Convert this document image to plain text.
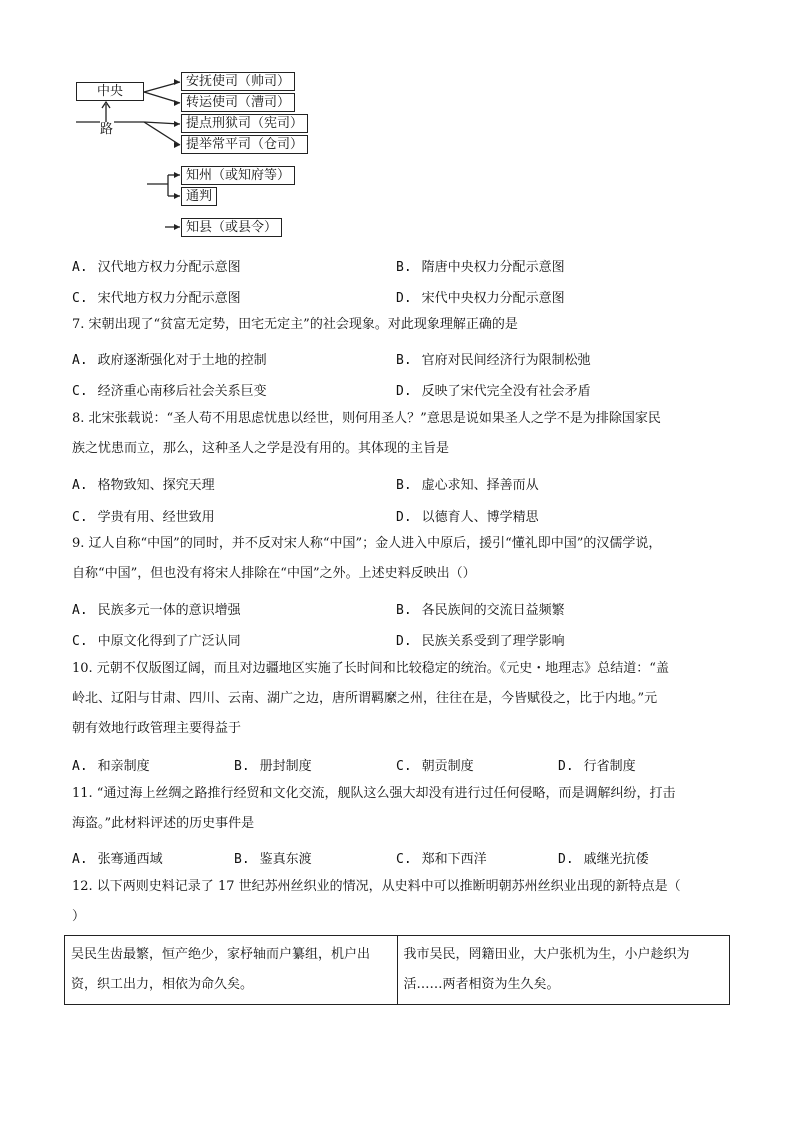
中央
路
安抚使司（帅司）
转运使司（漕司）
提点刑狱司（宪司）
提举常平司（仓司）
知州（或知府等）
通判
知县（或县令）
A. 汉代地方权力分配示意图	B. 隋唐中央权力分配示意图
C. 宋代地方权力分配示意图	D. 宋代中央权力分配示意图
7. 宋朝出现了“贫富无定势，田宅无定主”的社会现象。对此现象理解正确的是
A. 政府逐渐强化对于土地的控制	B. 官府对民间经济行为限制松弛
C. 经济重心南移后社会关系巨变	D. 反映了宋代完全没有社会矛盾
8. 北宋张载说：“圣人苟不用思虑忧患以经世，则何用圣人？”意思是说如果圣人之学不是为排除国家民
族之忧患而立，那么，这种圣人之学是没有用的。其体现的主旨是
A. 格物致知、探究天理	B. 虚心求知、择善而从
C. 学贵有用、经世致用	D. 以德育人、博学精思
9. 辽人自称“中国”的同时，并不反对宋人称“中国”；金人进入中原后，援引“懂礼即中国”的汉儒学说，
自称“中国”，但也没有将宋人排除在“中国”之外。上述史料反映出（）
A. 民族多元一体的意识增强	B. 各民族间的交流日益频繁
C. 中原文化得到了广泛认同	D. 民族关系受到了理学影响
10. 元朝不仅版图辽阔，而且对边疆地区实施了长时间和比较稳定的统治。《元史・地理志》总结道：“盖
岭北、辽阳与甘肃、四川、云南、湖广之边，唐所谓羁縻之州，往往在是，今皆赋役之，比于内地。”元
朝有效地行政管理主要得益于
A. 和亲制度	B. 册封制度	C. 朝贡制度	D. 行省制度
11. “通过海上丝绸之路推行经贸和文化交流，舰队这么强大却没有进行过任何侵略，而是调解纠纷，打击
海盗。”此材料评述的历史事件是
A. 张骞通西域	B. 鉴真东渡	C. 郑和下西洋	D. 戚继光抗倭
12. 以下两则史料记录了 17 世纪苏州丝织业的情况，从史料中可以推断明朝苏州丝织业出现的新特点是（
）
吴民生齿最繁，恒产绝少，家杼轴而户纂组，机户出资，织工出力，相依为命久矣。	我市吴民，罔籍田业，大户张机为生，小户趁织为活……两者相资为生久矣。
